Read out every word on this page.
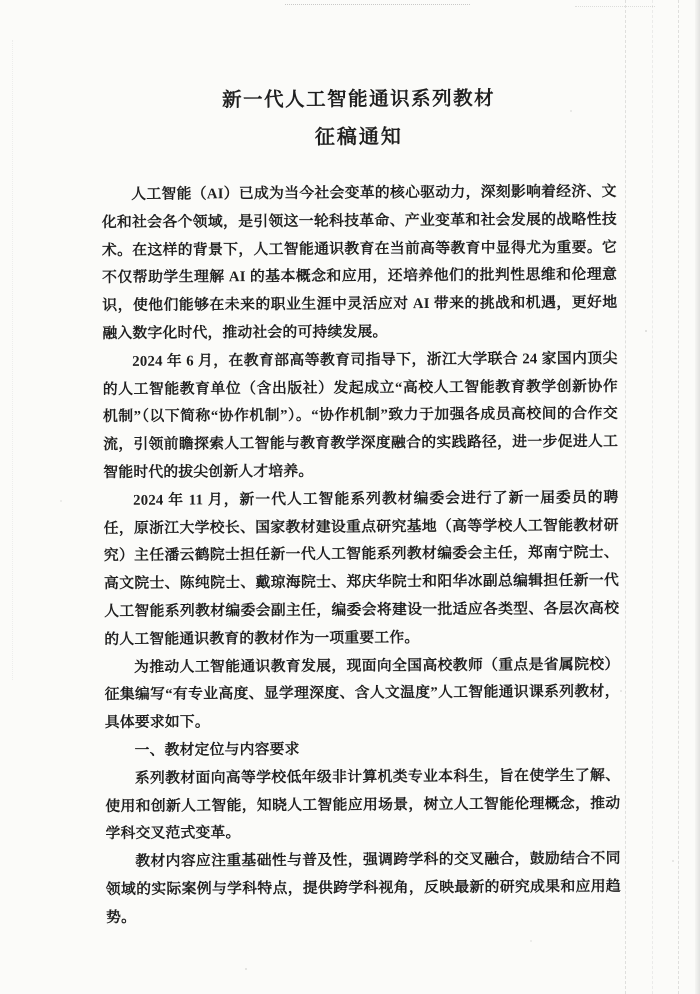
新一代人工智能通识系列教材
征稿通知

人工智能（AI）已成为当今社会变革的核心驱动力，深刻影响着经济、文化和社会各个领域，是引领这一轮科技革命、产业变革和社会发展的战略性技术。在这样的背景下，人工智能通识教育在当前高等教育中显得尤为重要。它不仅帮助学生理解 AI 的基本概念和应用，还培养他们的批判性思维和伦理意识，使他们能够在未来的职业生涯中灵活应对 AI 带来的挑战和机遇，更好地融入数字化时代，推动社会的可持续发展。

2024 年 6 月，在教育部高等教育司指导下，浙江大学联合 24 家国内顶尖的人工智能教育单位（含出版社）发起成立“高校人工智能教育教学创新协作机制”（以下简称“协作机制”）。“协作机制”致力于加强各成员高校间的合作交流，引领前瞻探索人工智能与教育教学深度融合的实践路径，进一步促进人工智能时代的拔尖创新人才培养。

2024 年 11 月，新一代人工智能系列教材编委会进行了新一届委员的聘任，原浙江大学校长、国家教材建设重点研究基地（高等学校人工智能教材研究）主任潘云鹤院士担任新一代人工智能系列教材编委会主任，郑南宁院士、高文院士、陈纯院士、戴琼海院士、郑庆华院士和阳华冰副总编辑担任新一代人工智能系列教材编委会副主任，编委会将建设一批适应各类型、各层次高校的人工智能通识教育的教材作为一项重要工作。

为推动人工智能通识教育发展，现面向全国高校教师（重点是省属院校）征集编写“有专业高度、显学理深度、含人文温度”人工智能通识课系列教材，具体要求如下。

一、教材定位与内容要求

系列教材面向高等学校低年级非计算机类专业本科生，旨在使学生了解、使用和创新人工智能，知晓人工智能应用场景，树立人工智能伦理概念，推动学科交叉范式变革。

教材内容应注重基础性与普及性，强调跨学科的交叉融合，鼓励结合不同领域的实际案例与学科特点，提供跨学科视角，反映最新的研究成果和应用趋势。
